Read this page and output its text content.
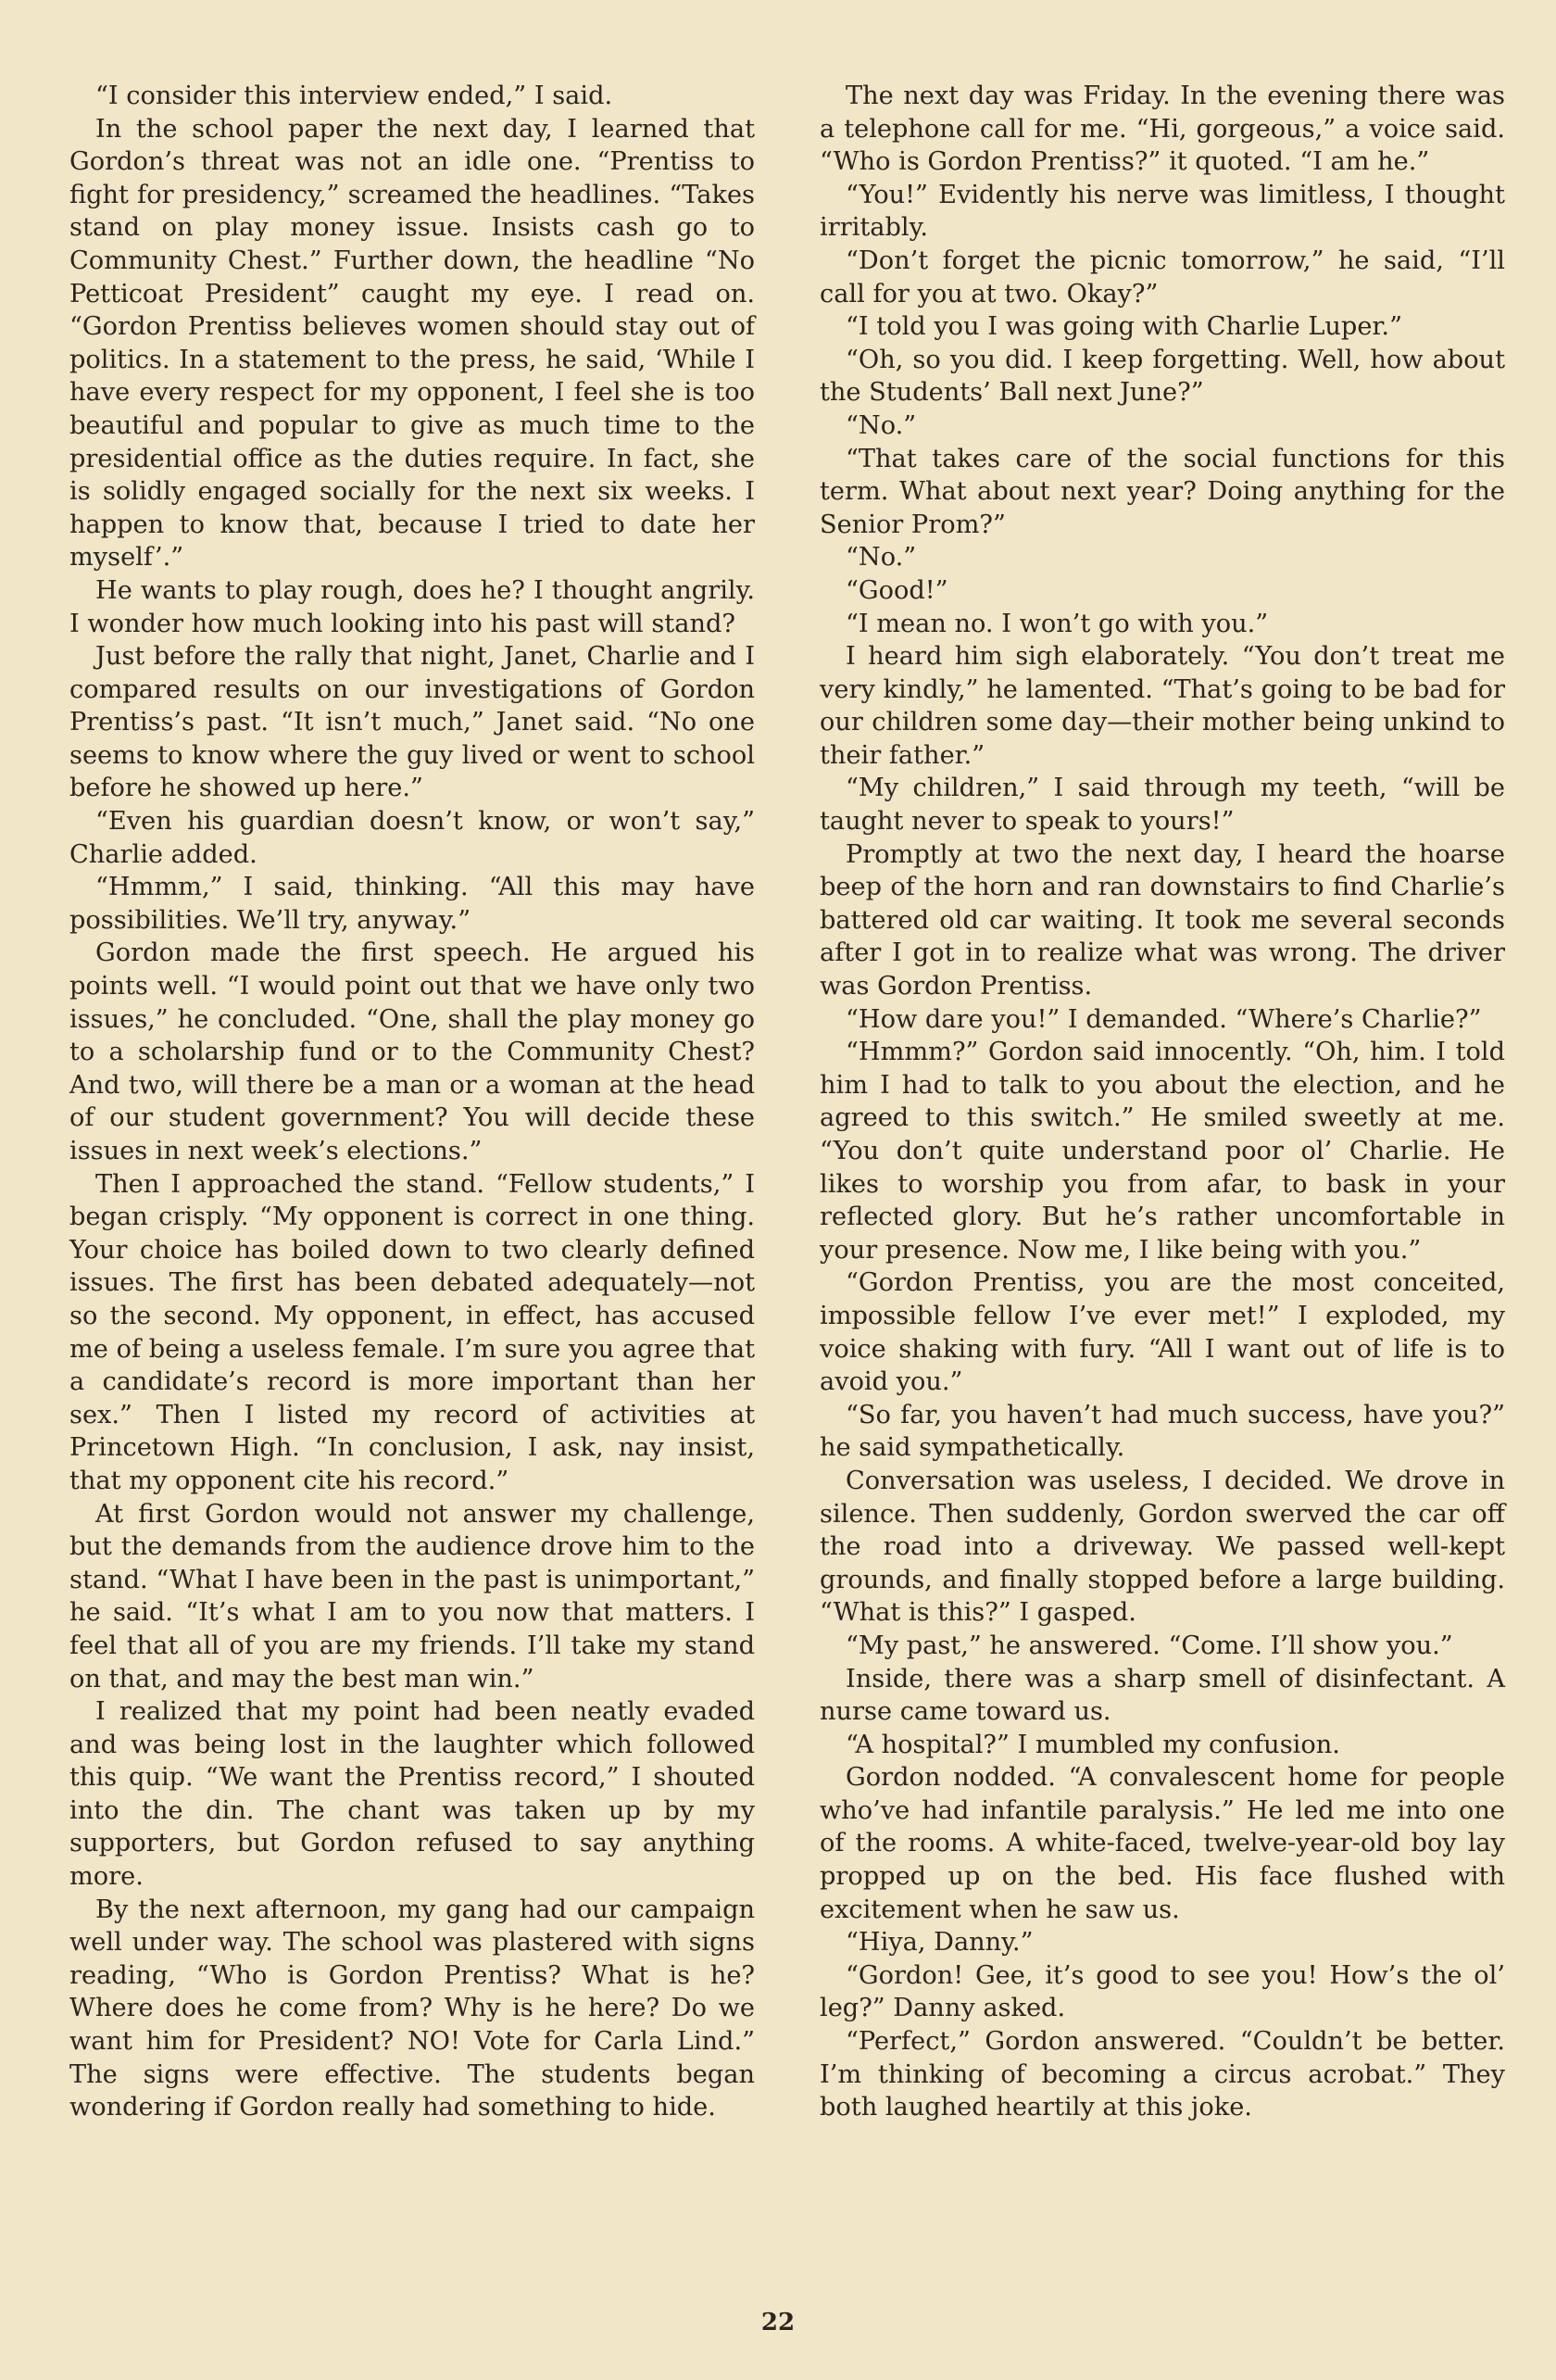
“I consider this interview ended,” I said.

In the school paper the next day, I learned that Gordon’s threat was not an idle one. “Prentiss to fight for presidency,” screamed the headlines. “Takes stand on play money issue. Insists cash go to Community Chest.” Further down, the headline “No Petticoat President” caught my eye. I read on. “Gordon Prentiss believes women should stay out of politics. In a statement to the press, he said, ‘While I have every respect for my opponent, I feel she is too beautiful and popular to give as much time to the presidential office as the duties require. In fact, she is solidly engaged socially for the next six weeks. I happen to know that, because I tried to date her myself’.”

He wants to play rough, does he? I thought angrily. I wonder how much looking into his past will stand?

Just before the rally that night, Janet, Charlie and I compared results on our investigations of Gordon Prentiss’s past. “It isn’t much,” Janet said. “No one seems to know where the guy lived or went to school before he showed up here.”

“Even his guardian doesn’t know, or won’t say,” Charlie added.

“Hmmm,” I said, thinking. “All this may have possibilities. We’ll try, anyway.”

Gordon made the first speech. He argued his points well. “I would point out that we have only two issues,” he concluded. “One, shall the play money go to a scholarship fund or to the Community Chest? And two, will there be a man or a woman at the head of our student government? You will decide these issues in next week’s elections.”

Then I approached the stand. “Fellow students,” I began crisply. “My opponent is correct in one thing. Your choice has boiled down to two clearly defined issues. The first has been debated adequately—not so the second. My opponent, in effect, has accused me of being a useless female. I’m sure you agree that a candidate’s record is more important than her sex.” Then I listed my record of activities at Princetown High. “In conclusion, I ask, nay insist, that my opponent cite his record.”

At first Gordon would not answer my challenge, but the demands from the audience drove him to the stand. “What I have been in the past is unimportant,” he said. “It’s what I am to you now that matters. I feel that all of you are my friends. I’ll take my stand on that, and may the best man win.”

I realized that my point had been neatly evaded and was being lost in the laughter which followed this quip. “We want the Prentiss record,” I shouted into the din. The chant was taken up by my supporters, but Gordon refused to say anything more.

By the next afternoon, my gang had our campaign well under way. The school was plastered with signs reading, “Who is Gordon Prentiss? What is he? Where does he come from? Why is he here? Do we want him for President? NO! Vote for Carla Lind.” The signs were effective. The students began wondering if Gordon really had something to hide.

The next day was Friday. In the evening there was a telephone call for me. “Hi, gorgeous,” a voice said. “Who is Gordon Prentiss?” it quoted. “I am he.”

“You!” Evidently his nerve was limitless, I thought irritably.

“Don’t forget the picnic tomorrow,” he said, “I’ll call for you at two. Okay?”

“I told you I was going with Charlie Luper.”

“Oh, so you did. I keep forgetting. Well, how about the Students’ Ball next June?”

“No.”

“That takes care of the social functions for this term. What about next year? Doing anything for the Senior Prom?”

“No.”

“Good!”

“I mean no. I won’t go with you.”

I heard him sigh elaborately. “You don’t treat me very kindly,” he lamented. “That’s going to be bad for our children some day—their mother being unkind to their father.”

“My children,” I said through my teeth, “will be taught never to speak to yours!”

Promptly at two the next day, I heard the hoarse beep of the horn and ran downstairs to find Charlie’s battered old car waiting. It took me several seconds after I got in to realize what was wrong. The driver was Gordon Prentiss.

“How dare you!” I demanded. “Where’s Charlie?”

“Hmmm?” Gordon said innocently. “Oh, him. I told him I had to talk to you about the election, and he agreed to this switch.” He smiled sweetly at me. “You don’t quite understand poor ol’ Charlie. He likes to worship you from afar, to bask in your reflected glory. But he’s rather uncomfortable in your presence. Now me, I like being with you.”

“Gordon Prentiss, you are the most conceited, impossible fellow I’ve ever met!” I exploded, my voice shaking with fury. “All I want out of life is to avoid you.”

“So far, you haven’t had much success, have you?” he said sympathetically.

Conversation was useless, I decided. We drove in silence. Then suddenly, Gordon swerved the car off the road into a driveway. We passed well-kept grounds, and finally stopped before a large building. “What is this?” I gasped.

“My past,” he answered. “Come. I’ll show you.”

Inside, there was a sharp smell of disinfectant. A nurse came toward us.

“A hospital?” I mumbled my confusion.

Gordon nodded. “A convalescent home for people who’ve had infantile paralysis.” He led me into one of the rooms. A white-faced, twelve-year-old boy lay propped up on the bed. His face flushed with excitement when he saw us.

“Hiya, Danny.”

“Gordon! Gee, it’s good to see you! How’s the ol’ leg?” Danny asked.

“Perfect,” Gordon answered. “Couldn’t be better. I’m thinking of becoming a circus acrobat.” They both laughed heartily at this joke.

22
